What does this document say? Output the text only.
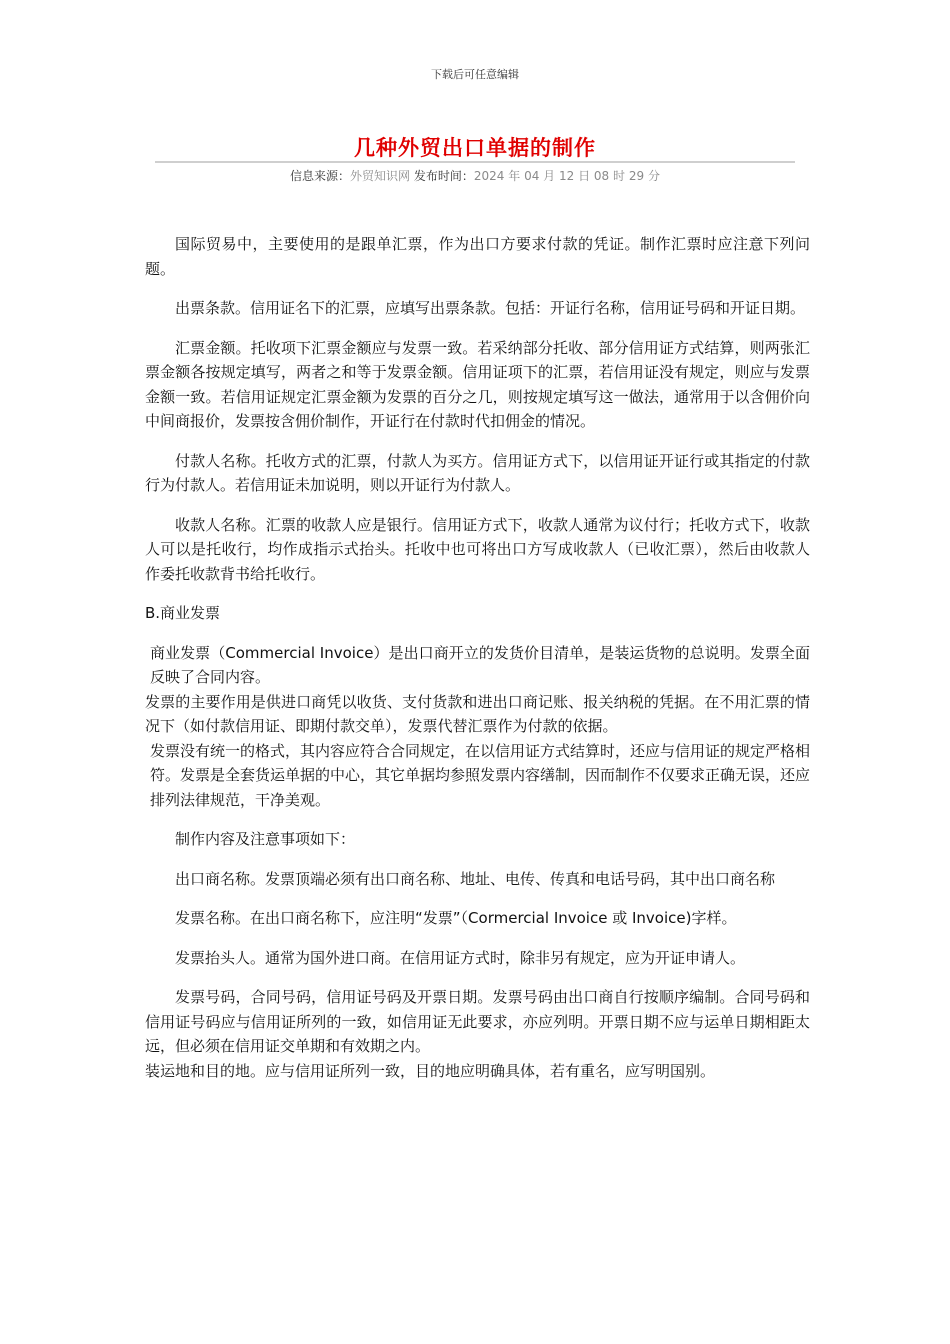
下载后可任意编辑
几种外贸出口单据的制作
信息来源：外贸知识网 发布时间：2024 年 04 月 12 日 08 时 29 分

国际贸易中，主要使用的是跟单汇票，作为出口方要求付款的凭证。制作汇票时应注意下列问题。

出票条款。信用证名下的汇票，应填写出票条款。包括：开证行名称，信用证号码和开证日期。

汇票金额。托收项下汇票金额应与发票一致。若采纳部分托收、部分信用证方式结算，则两张汇票金额各按规定填写，两者之和等于发票金额。信用证项下的汇票，若信用证没有规定，则应与发票金额一致。若信用证规定汇票金额为发票的百分之几，则按规定填写这一做法，通常用于以含佣价向中间商报价，发票按含佣价制作，开证行在付款时代扣佣金的情况。

付款人名称。托收方式的汇票，付款人为买方。信用证方式下，以信用证开证行或其指定的付款行为付款人。若信用证未加说明，则以开证行为付款人。

收款人名称。汇票的收款人应是银行。信用证方式下，收款人通常为议付行；托收方式下，收款人可以是托收行，均作成指示式抬头。托收中也可将出口方写成收款人（已收汇票），然后由收款人作委托收款背书给托收行。

B.商业发票

商业发票（Commercial Invoice）是出口商开立的发货价目清单，是装运货物的总说明。发票全面反映了合同内容。

发票的主要作用是供进口商凭以收货、支付货款和进出口商记账、报关纳税的凭据。在不用汇票的情况下（如付款信用证、即期付款交单），发票代替汇票作为付款的依据。

发票没有统一的格式，其内容应符合合同规定，在以信用证方式结算时，还应与信用证的规定严格相符。发票是全套货运单据的中心，其它单据均参照发票内容缮制，因而制作不仅要求正确无误，还应排列法律规范，干净美观。

制作内容及注意事项如下：

出口商名称。发票顶端必须有出口商名称、地址、电传、传真和电话号码，其中出口商名称

发票名称。在出口商名称下，应注明“发票”（Cormercial Invoice 或 Invoice)字样。

发票抬头人。通常为国外进口商。在信用证方式时，除非另有规定，应为开证申请人。

发票号码，合同号码，信用证号码及开票日期。发票号码由出口商自行按顺序编制。合同号码和信用证号码应与信用证所列的一致，如信用证无此要求，亦应列明。开票日期不应与运单日期相距太远，但必须在信用证交单期和有效期之内。

装运地和目的地。应与信用证所列一致，目的地应明确具体，若有重名，应写明国别。
